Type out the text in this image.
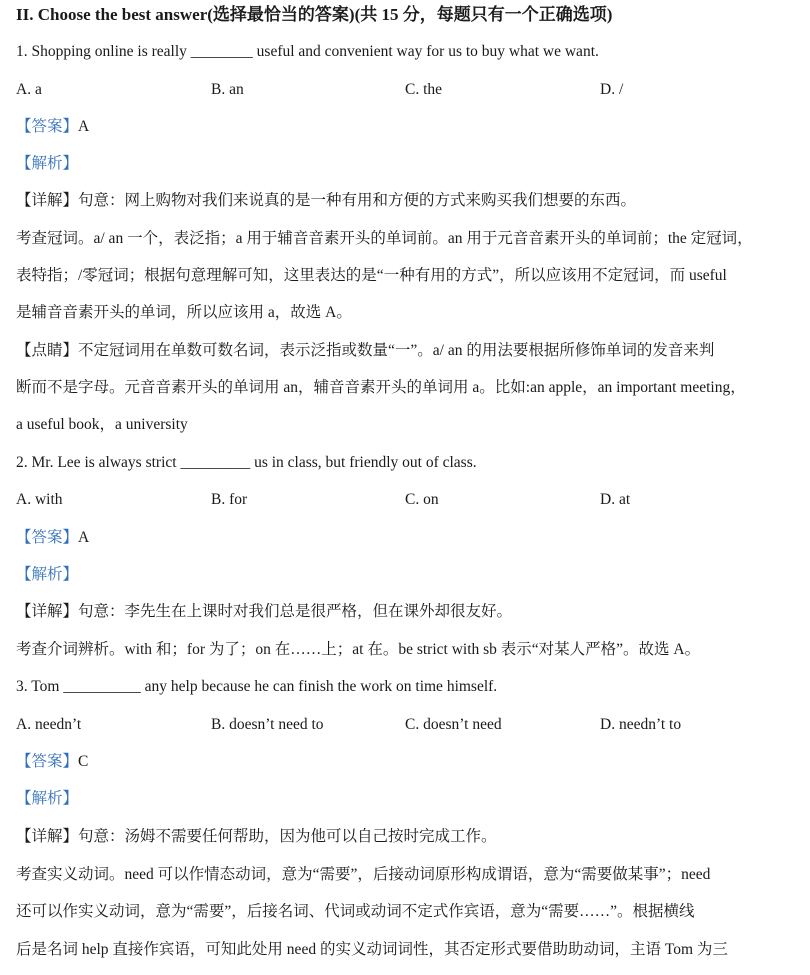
II. Choose the best answer(选择最恰当的答案)(共 15 分，每题只有一个正确选项)
1. Shopping online is really ________ useful and convenient way for us to buy what we want.
A. a	B. an	C. the	D. /
【答案】A
【解析】
【详解】句意：网上购物对我们来说真的是一种有用和方便的方式来购买我们想要的东西。
考查冠词。a/ an 一个，表泛指；a 用于辅音音素开头的单词前。an 用于元音音素开头的单词前；the 定冠词，
表特指；/零冠词；根据句意理解可知，这里表达的是“一种有用的方式”，所以应该用不定冠词，而 useful
是辅音音素开头的单词，所以应该用 a，故选 A。
【点睛】不定冠词用在单数可数名词，表示泛指或数量“一”。a/ an 的用法要根据所修饰单词的发音来判
断而不是字母。元音音素开头的单词用 an，辅音音素开头的单词用 a。比如:an apple，an important meeting，
a useful book，a university
2. Mr. Lee is always strict _________ us in class, but friendly out of class.
A. with	B. for	C. on	D. at
【答案】A
【解析】
【详解】句意：李先生在上课时对我们总是很严格，但在课外却很友好。
考查介词辨析。with 和；for 为了；on 在……上；at 在。be strict with sb 表示“对某人严格”。故选 A。
3. Tom __________ any help because he can finish the work on time himself.
A. needn’t	B. doesn’t need to	C. doesn’t need	D. needn’t to
【答案】C
【解析】
【详解】句意：汤姆不需要任何帮助，因为他可以自己按时完成工作。
考查实义动词。need 可以作情态动词，意为“需要”，后接动词原形构成谓语，意为“需要做某事”；need
还可以作实义动词，意为“需要”，后接名词、代词或动词不定式作宾语，意为“需要……”。根据横线
后是名词 help 直接作宾语，可知此处用 need 的实义动词词性，其否定形式要借助助动词，主语 Tom 为三
